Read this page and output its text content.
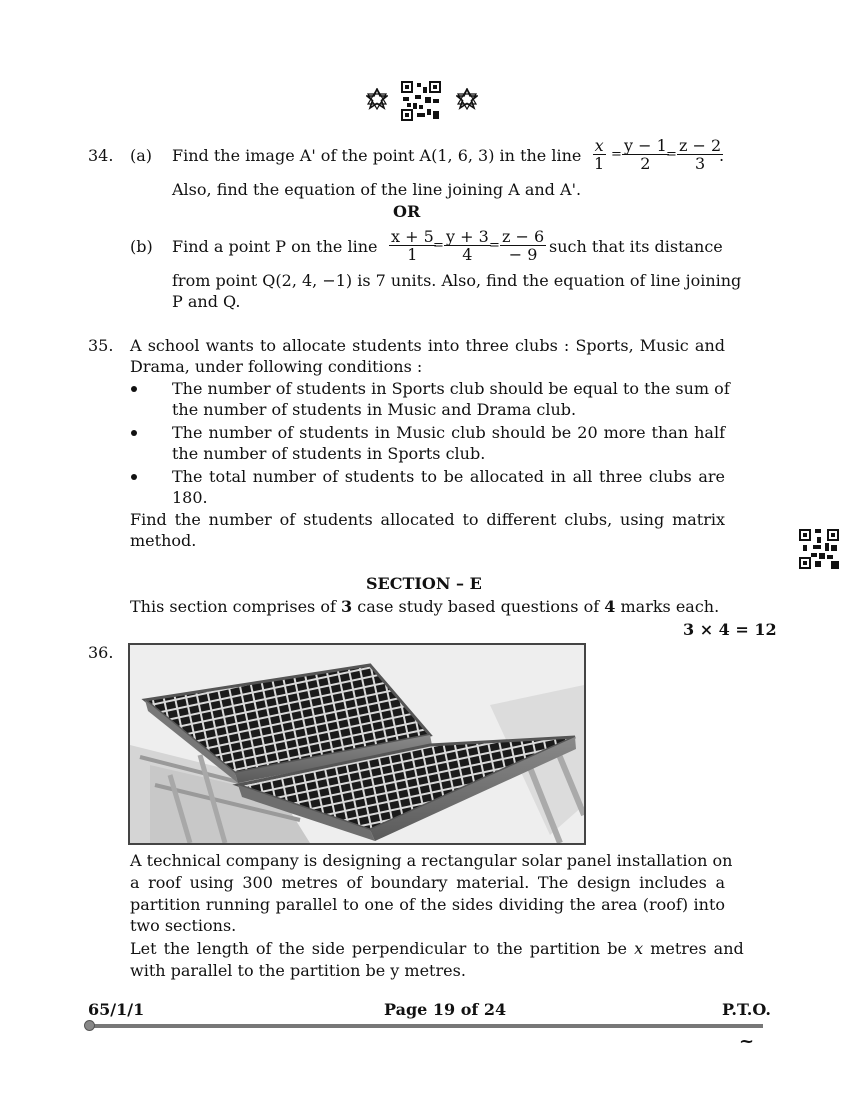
34. (a) Find the image A' of the point A(1, 6, 3) in the line $\frac{x}{1} = \frac{y - 1}{2}$
= $\frac{z - 2}{3}$
.
Also, find the equation of the line joining A and A'.
OR
(b) Find a point P on the line $\frac{x + 5}{1}$
= $\frac{y + 3}{4}$
= $\frac{z - 6}{- 9}$ such that its distance
from point Q(2, 4, −1) is 7 units. Also, find the equation of line joining
P and Q.
35. A school wants to allocate students into three clubs : Sports, Music and
Drama, under following conditions :
The number of students in Sports club should be equal to the sum of
the number of students in Music and Drama club.
The number of students in Music club should be 20 more than half
the number of students in Sports club.
The total number of students to be allocated in all three clubs are
180.
Find the number of students allocated to different clubs, using matrix
method.
SECTION – E
This section comprises of 3 case study based questions of 4 marks each.
3 × 4 = 12
36.
A technical company is designing a rectangular solar panel installation on
a roof using 300 metres of boundary material. The design includes a
partition running parallel to one of the sides dividing the area (roof) into
two sections.
Let the length of the side perpendicular to the partition be x metres and
with parallel to the partition be y metres.
65/1/1	Page 19 of 24	P.T.O.
~
